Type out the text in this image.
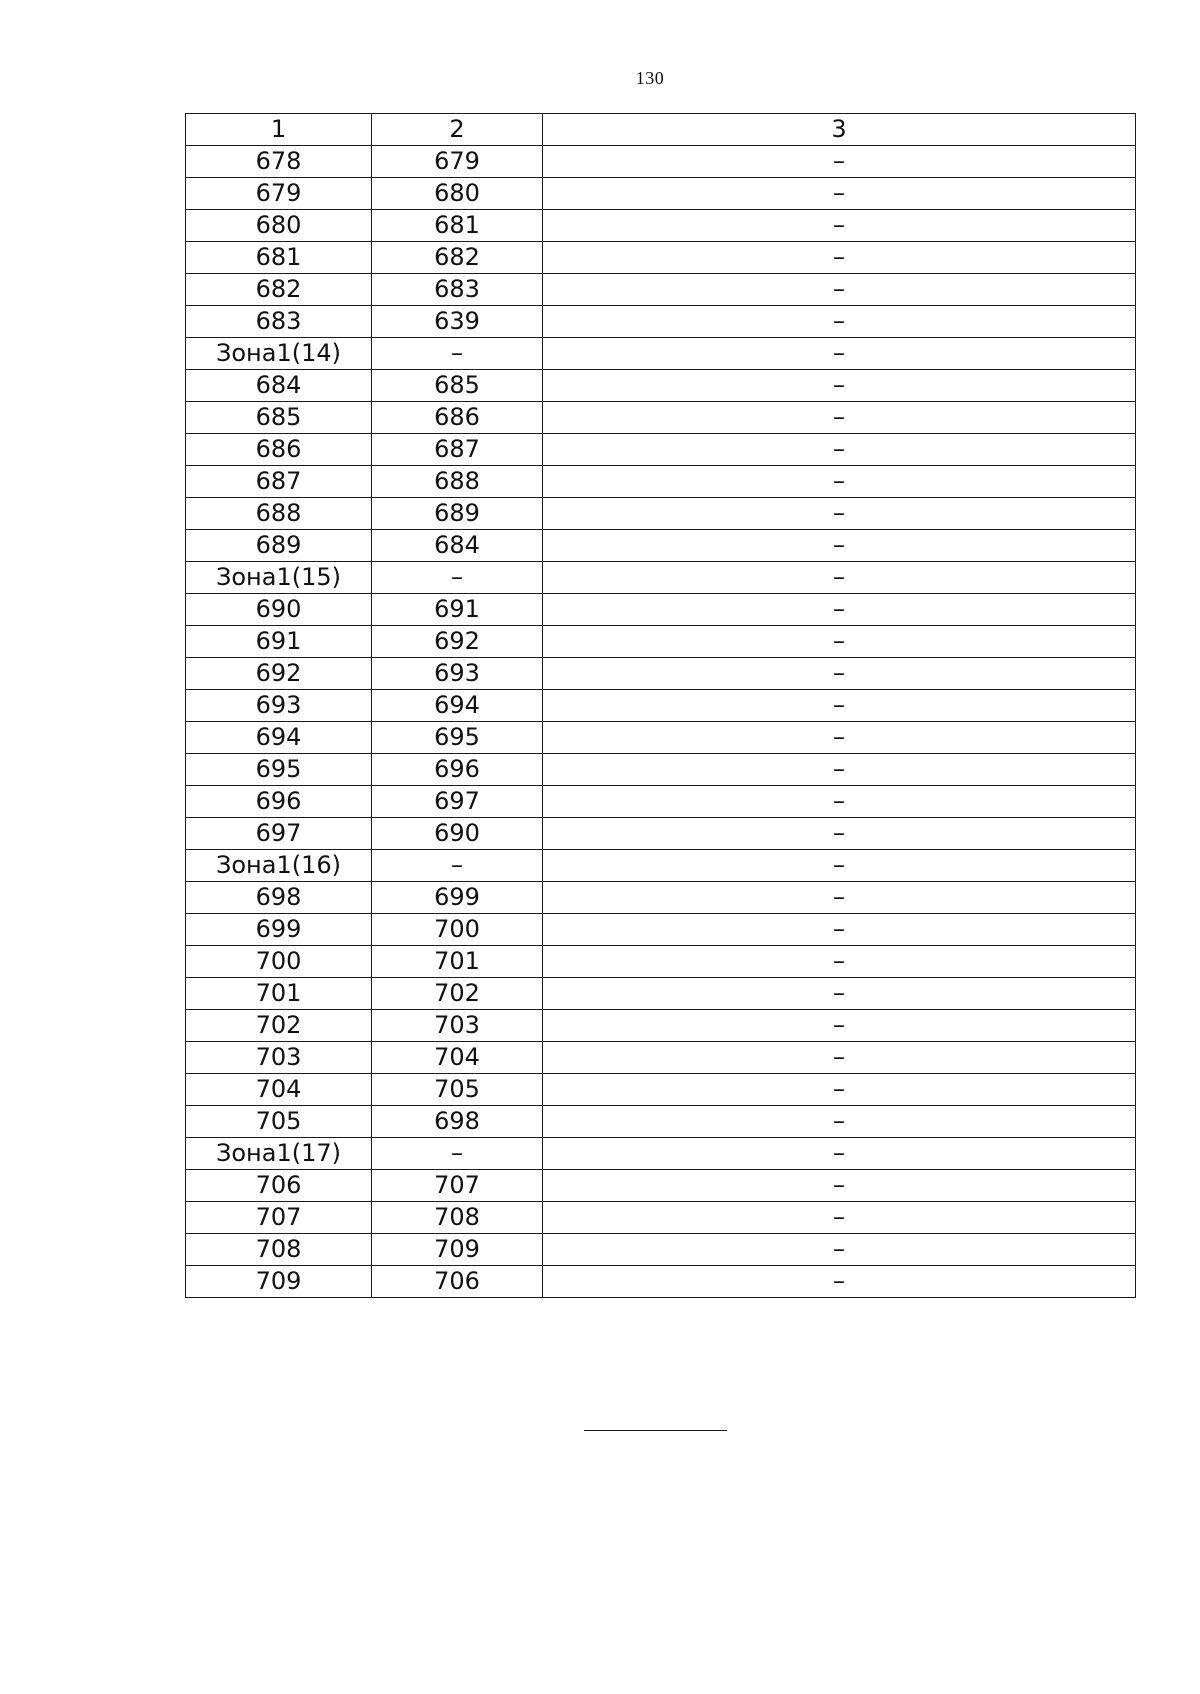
130
1	2	3
678	679	–
679	680	–
680	681	–
681	682	–
682	683	–
683	639	–
Зона1(14)	–	–
684	685	–
685	686	–
686	687	–
687	688	–
688	689	–
689	684	–
Зона1(15)	–	–
690	691	–
691	692	–
692	693	–
693	694	–
694	695	–
695	696	–
696	697	–
697	690	–
Зона1(16)	–	–
698	699	–
699	700	–
700	701	–
701	702	–
702	703	–
703	704	–
704	705	–
705	698	–
Зона1(17)	–	–
706	707	–
707	708	–
708	709	–
709	706	–
